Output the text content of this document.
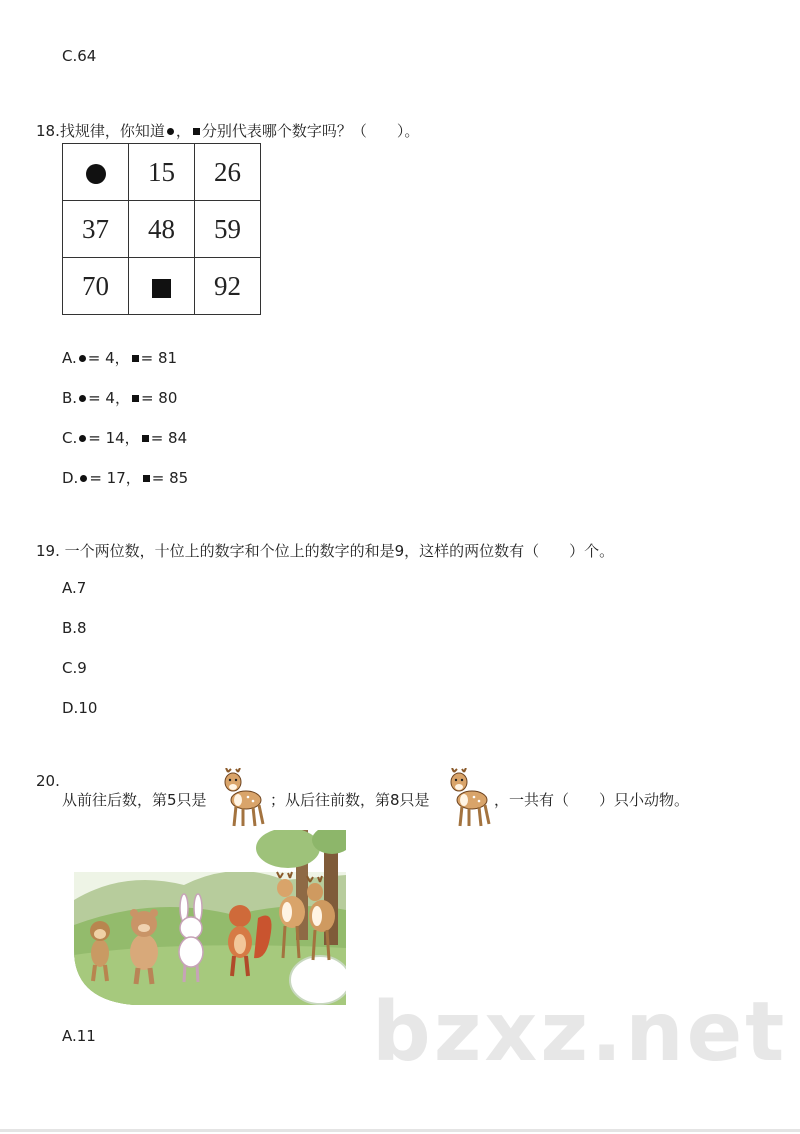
C.64
18.找规律，你知道 ， 分别代表哪个数字吗？（　　）。
	15	26
37	48	59
70		92
A. = 4， = 81
B. = 4， = 80
C. = 14， = 84
D. = 17， = 85
19. 一个两位数，十位上的数字和个位上的数字的和是9，这样的两位数有（　　）个。
A.7
B.8
C.9
D.10
20.
从前往后数，第5只是	；从后往前数，第8只是	，一共有（　　）只小动物。
A.11	bzxz.net
